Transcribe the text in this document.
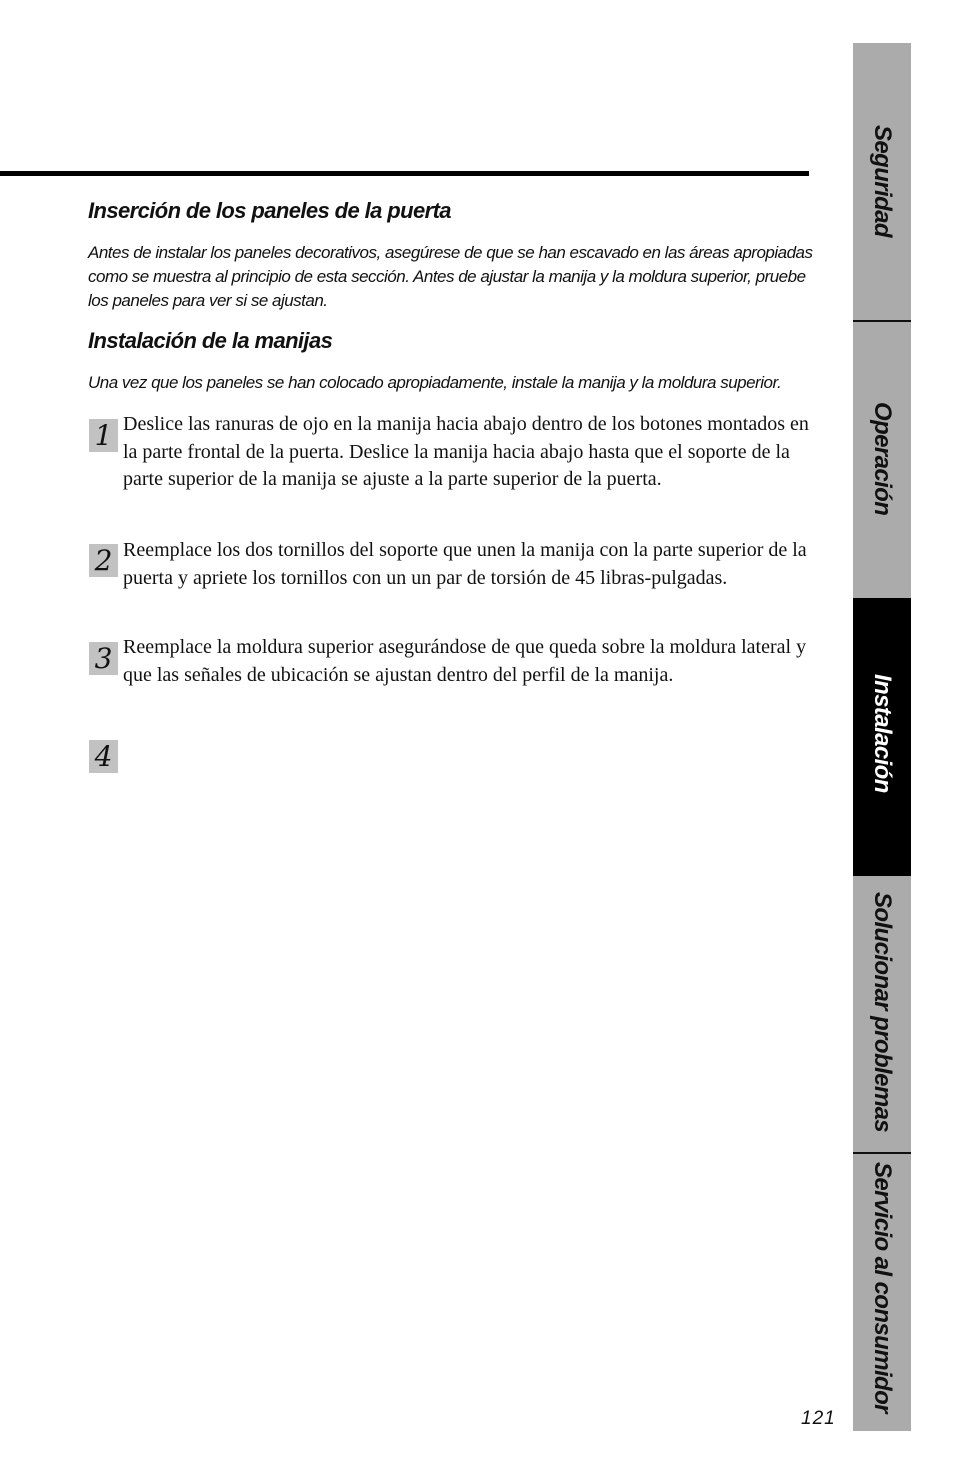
Inserción de los paneles de la puerta

Antes de instalar los paneles decorativos, asegúrese de que se han escavado en las áreas apropiadas como se muestra al principio de esta sección. Antes de ajustar la manija y la moldura superior, pruebe los paneles para ver si se ajustan.

Instalación de la manijas

Una vez que los paneles se han colocado apropiadamente, instale la manija y la moldura superior.

1 Deslice las ranuras de ojo en la manija hacia abajo dentro de los botones montados en la parte frontal de la puerta. Deslice la manija hacia abajo hasta que el soporte de la parte superior de la manija se ajuste a la parte superior de la puerta.

2 Reemplace los dos tornillos del soporte que unen la manija con la parte superior de la puerta y apriete los tornillos con un un par de torsión de 45 libras-pulgadas.

3 Reemplace la moldura superior asegurándose de que queda sobre la moldura lateral y que las señales de ubicación se ajustan dentro del perfil de la manija.

4
Seguridad
Operación
Instalación
Solucionar problemas
Servicio al consumidor
121
